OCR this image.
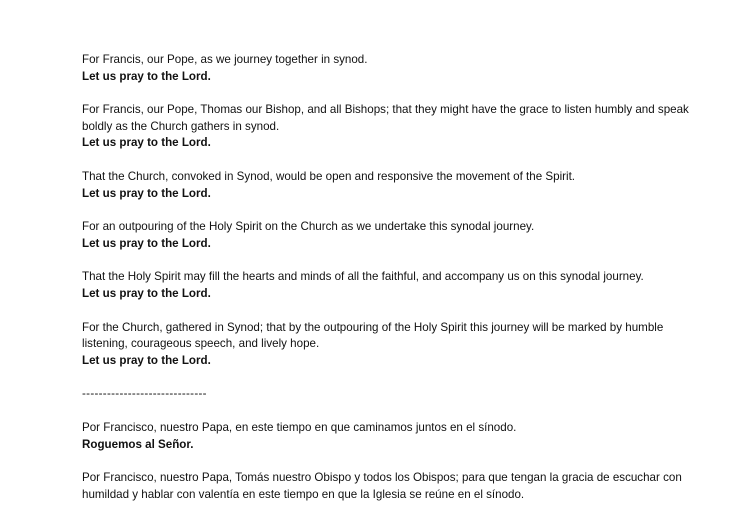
For Francis, our Pope, as we journey together in synod.
Let us pray to the Lord.
For Francis, our Pope, Thomas our Bishop, and all Bishops; that they might have the grace to listen humbly and speak boldly as the Church gathers in synod.
Let us pray to the Lord.
That the Church, convoked in Synod, would be open and responsive the movement of the Spirit.
Let us pray to the Lord.
For an outpouring of the Holy Spirit on the Church as we undertake this synodal journey.
Let us pray to the Lord.
That the Holy Spirit may fill the hearts and minds of all the faithful, and accompany us on this synodal journey.
Let us pray to the Lord.
For the Church, gathered in Synod; that by the outpouring of the Holy Spirit this journey will be marked by humble listening, courageous speech, and lively hope.
Let us pray to the Lord.
------------------------------
Por Francisco, nuestro Papa, en este tiempo en que caminamos juntos en el sínodo.
Roguemos al Señor.
Por Francisco, nuestro Papa, Tomás nuestro Obispo y todos los Obispos; para que tengan la gracia de escuchar con humildad y hablar con valentía en este tiempo en que la Iglesia se reúne en el sínodo.
